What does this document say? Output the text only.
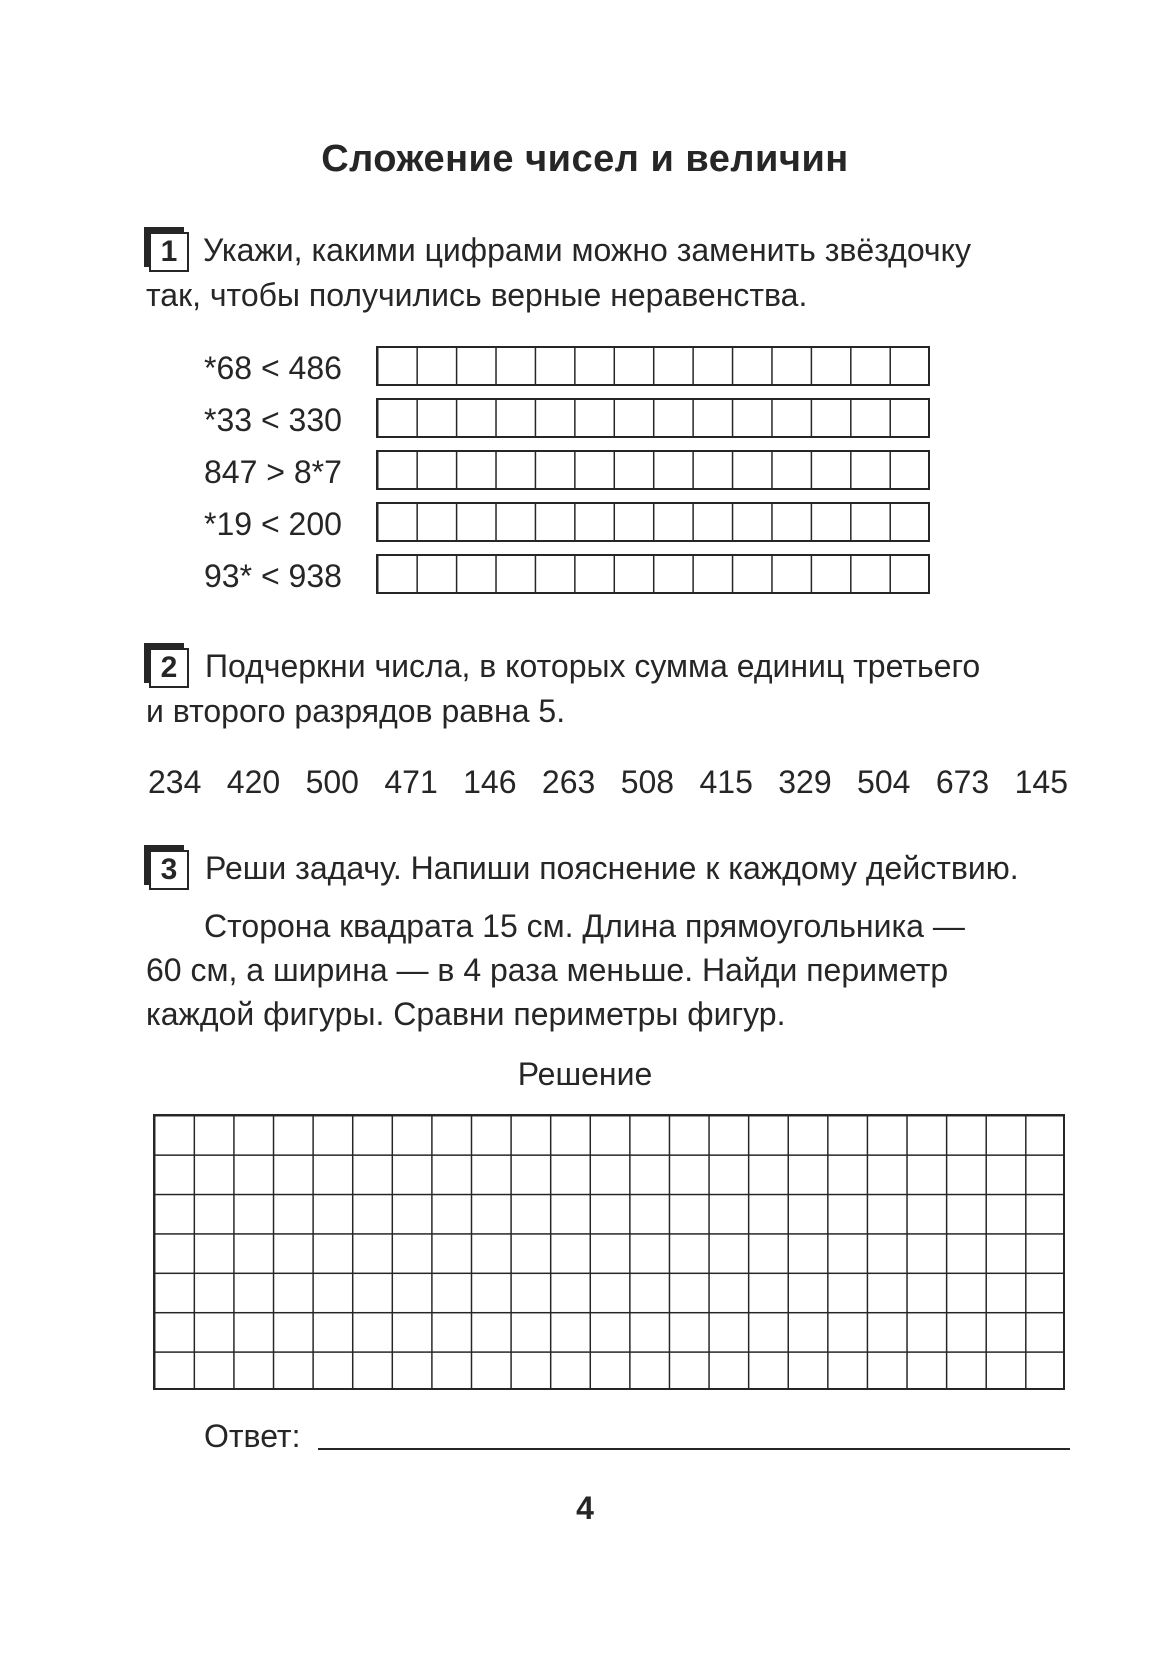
Сложение чисел и величин
1 Укажи, какими цифрами можно заменить звёздочку
так, чтобы получились верные неравенства.
*68 < 486
*33 < 330
847 > 8*7
*19 < 200
93* < 938
2 Подчеркни числа, в которых сумма единиц третьего
и второго разрядов равна 5.
234 420 500 471 146 263 508 415 329 504 673 145
3 Реши задачу. Напиши пояснение к каждому действию.
Сторона квадрата 15 см. Длина прямоугольника —
60 см, а ширина — в 4 раза меньше. Найди периметр
каждой фигуры. Сравни периметры фигур.
Решение
Ответ:
4
